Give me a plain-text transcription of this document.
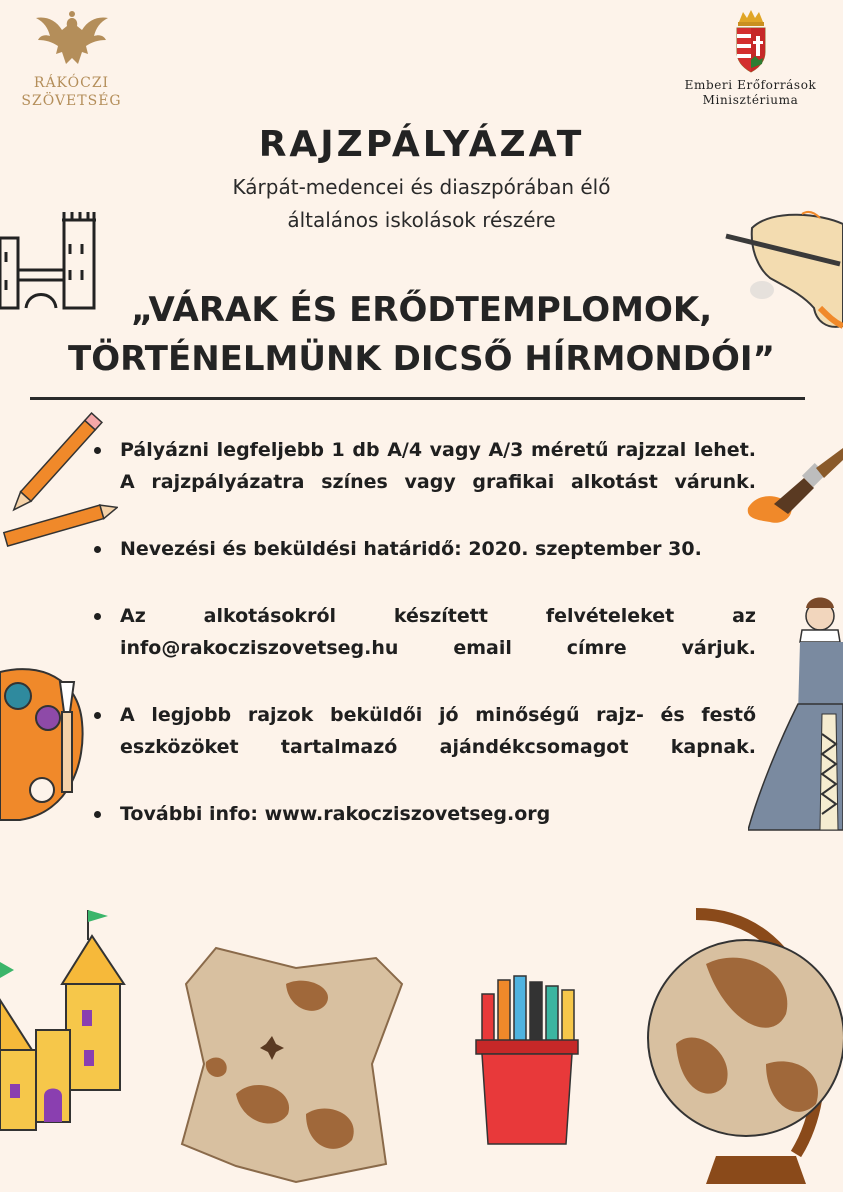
RÁKÓCZI
SZÖVETSÉG
Emberi Erőforrások
Minisztériuma
RAJZPÁLYÁZAT
Kárpát-medencei és diaszpórában élő
általános iskolások részére
„VÁRAK ÉS ERŐDTEMPLOMOK,
TÖRTÉNELMÜNK DICSŐ HÍRMONDÓI”
Pályázni legfeljebb 1 db A/4 vagy A/3 méretű rajzzal lehet. A rajzpályázatra színes vagy grafikai alkotást várunk.
Nevezési és beküldési határidő: 2020. szeptember 30.
Az alkotásokról készített felvételeket az info@rakocziszovetseg.hu email címre várjuk.
A legjobb rajzok beküldői jó minőségű rajz- és festő eszközöket tartalmazó ajándékcsomagot kapnak.
További info: www.rakocziszovetseg.org
